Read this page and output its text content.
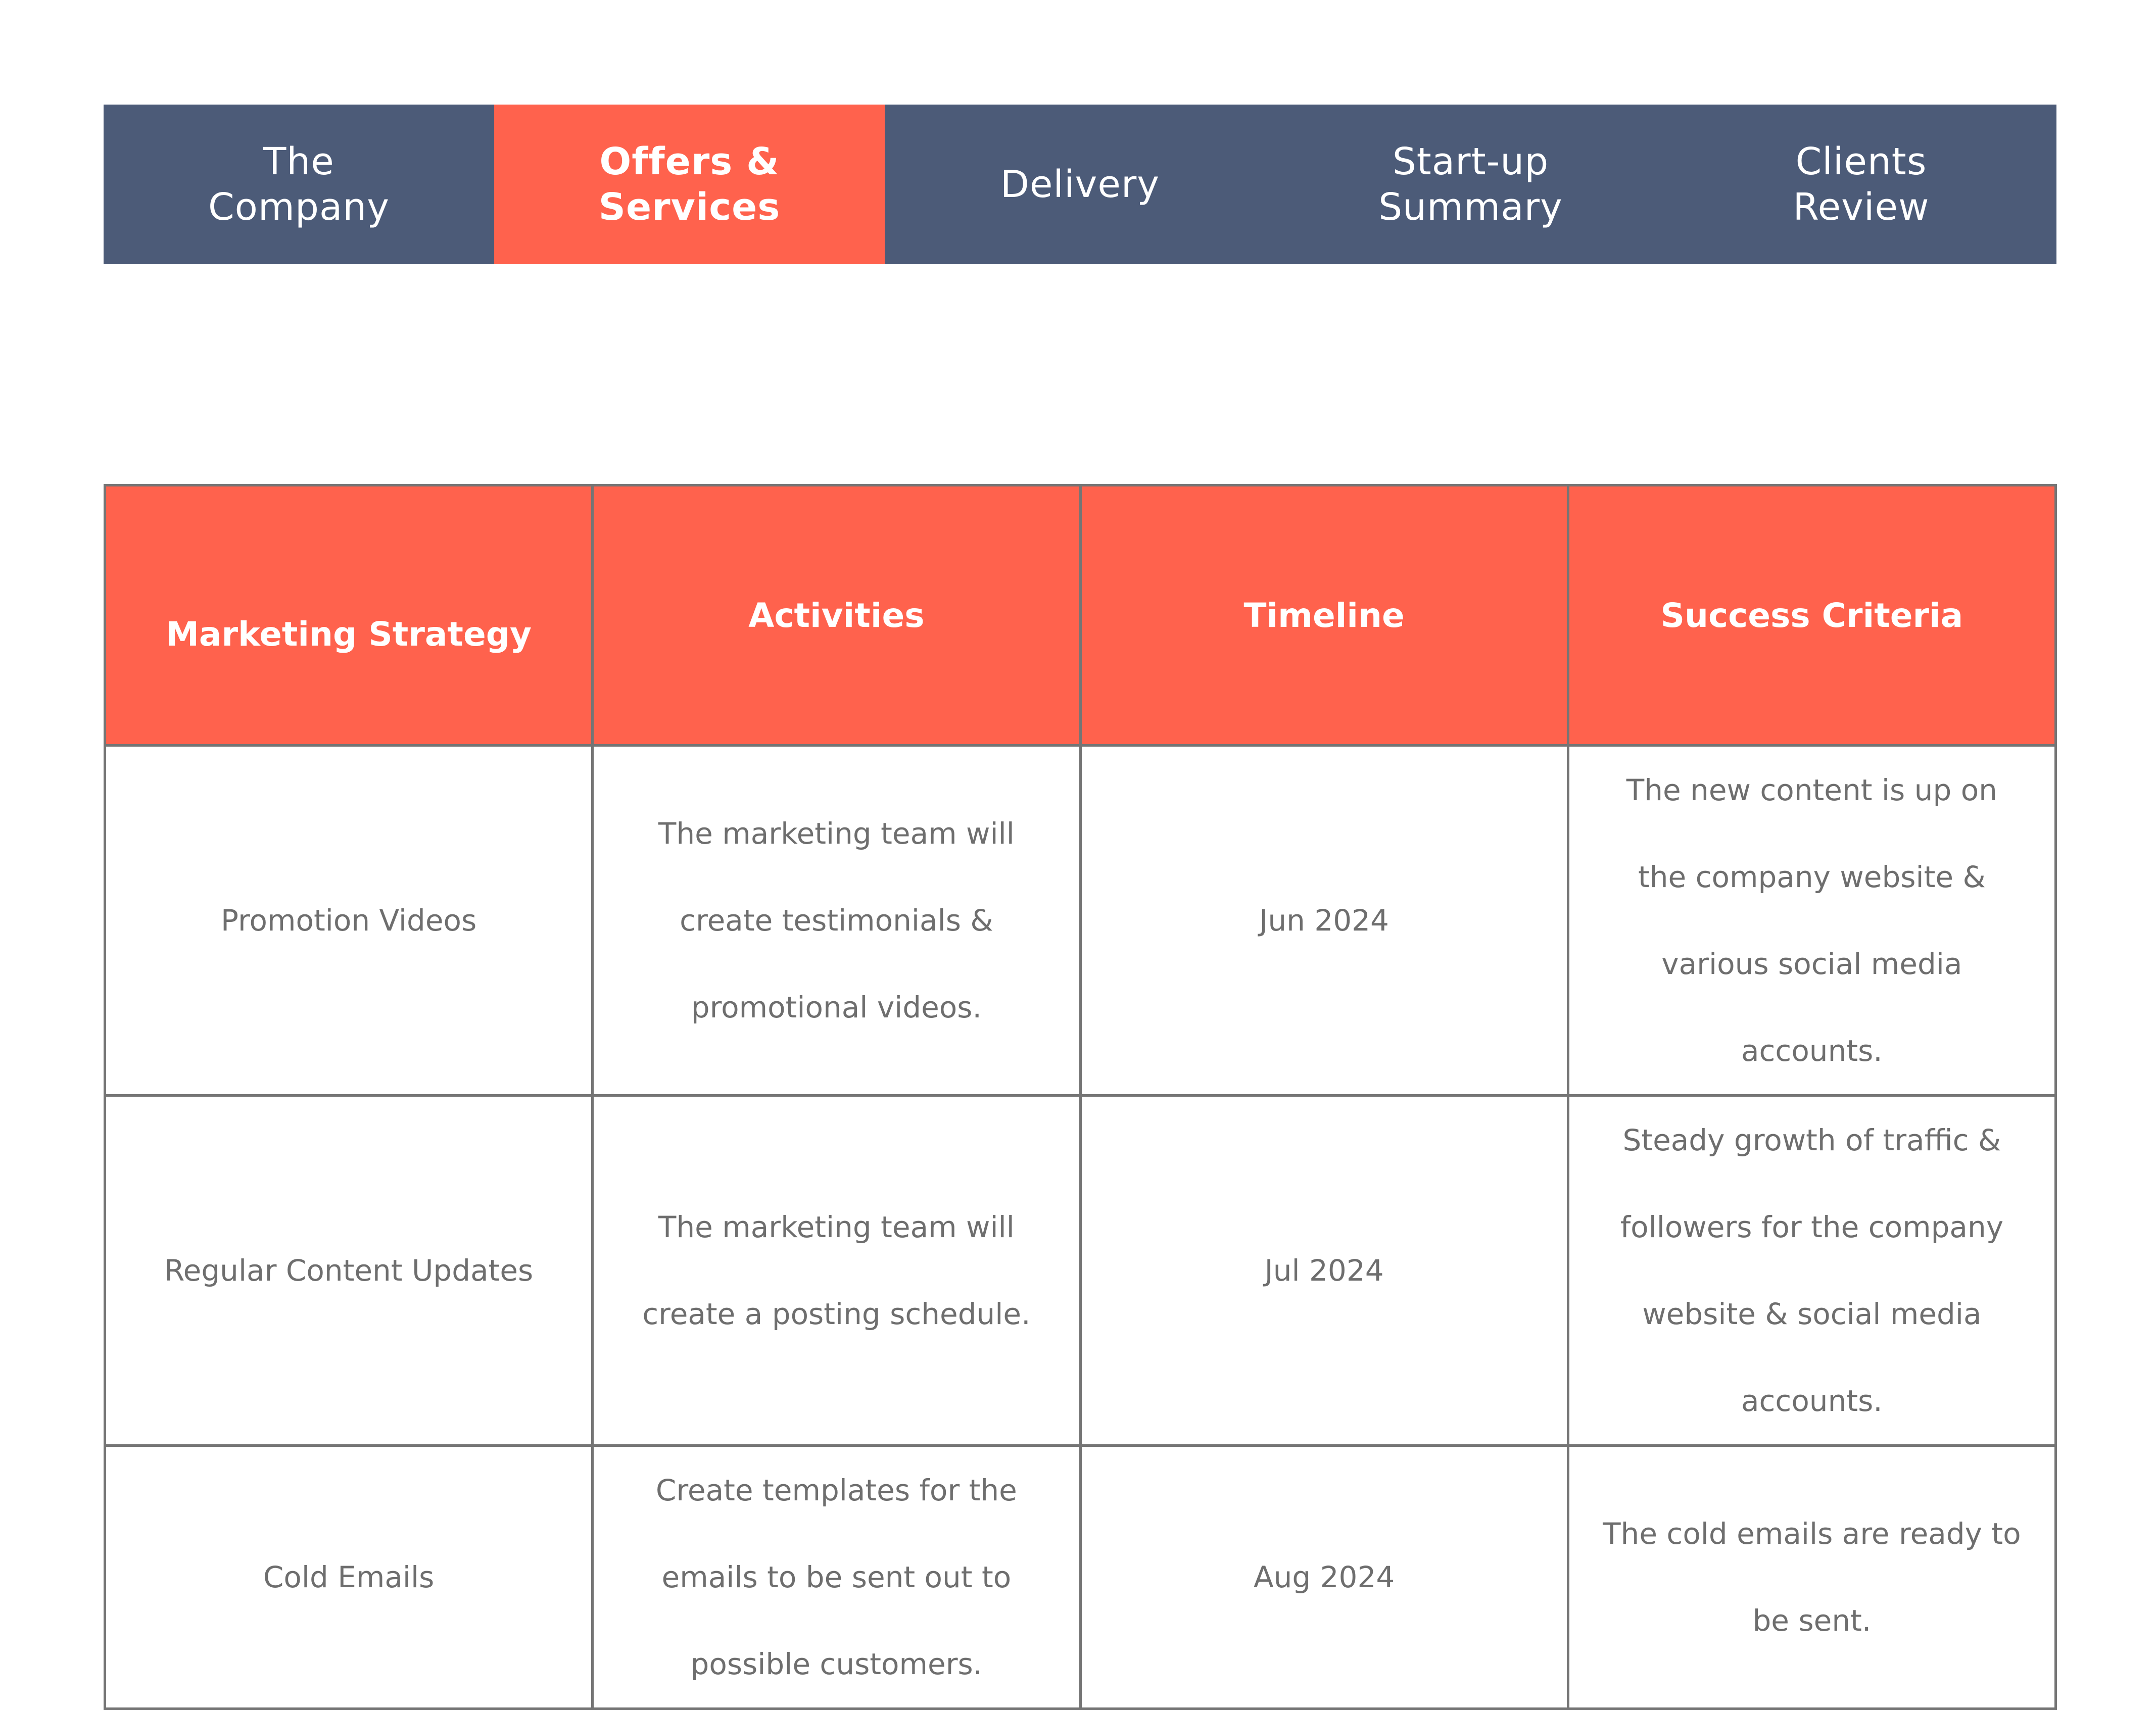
The
Company
Offers &
Services
Delivery
Start-up
Summary
Clients
Review
Marketing Strategy	Activities	Timeline	Success Criteria

Promotion Videos	The marketing team will create testimonials & promotional videos.	Jun 2024	The new content is up on the company website & various social media accounts.

Regular Content Updates	The marketing team will create a posting schedule.	Jul 2024	Steady growth of traffic & followers for the company website & social media accounts.

Cold Emails	Create templates for the emails to be sent out to possible customers.	Aug 2024	The cold emails are ready to be sent.
